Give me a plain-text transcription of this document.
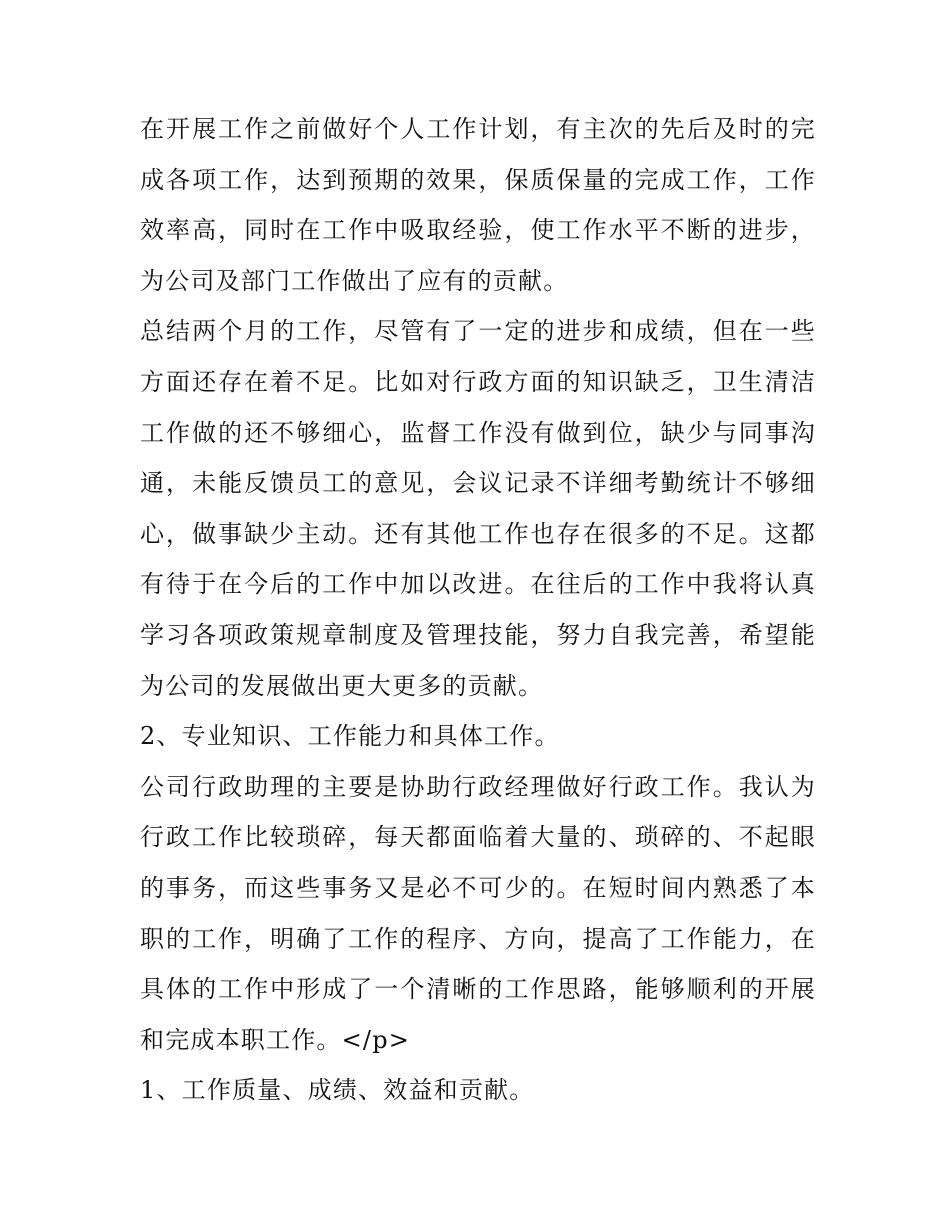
在开展工作之前做好个人工作计划，有主次的先后及时的完成各项工作，达到预期的效果，保质保量的完成工作，工作效率高，同时在工作中吸取经验，使工作水平不断的进步，为公司及部门工作做出了应有的贡献。

总结两个月的工作，尽管有了一定的进步和成绩，但在一些方面还存在着不足。比如对行政方面的知识缺乏，卫生清洁工作做的还不够细心，监督工作没有做到位，缺少与同事沟通，未能反馈员工的意见，会议记录不详细考勤统计不够细心，做事缺少主动。还有其他工作也存在很多的不足。这都有待于在今后的工作中加以改进。在往后的工作中我将认真学习各项政策规章制度及管理技能，努力自我完善，希望能为公司的发展做出更大更多的贡献。

2、专业知识、工作能力和具体工作。

公司行政助理的主要是协助行政经理做好行政工作。我认为行政工作比较琐碎，每天都面临着大量的、琐碎的、不起眼的事务，而这些事务又是必不可少的。在短时间内熟悉了本职的工作，明确了工作的程序、方向，提高了工作能力，在具体的工作中形成了一个清晰的工作思路，能够顺利的开展和完成本职工作。</p>

1、工作质量、成绩、效益和贡献。
